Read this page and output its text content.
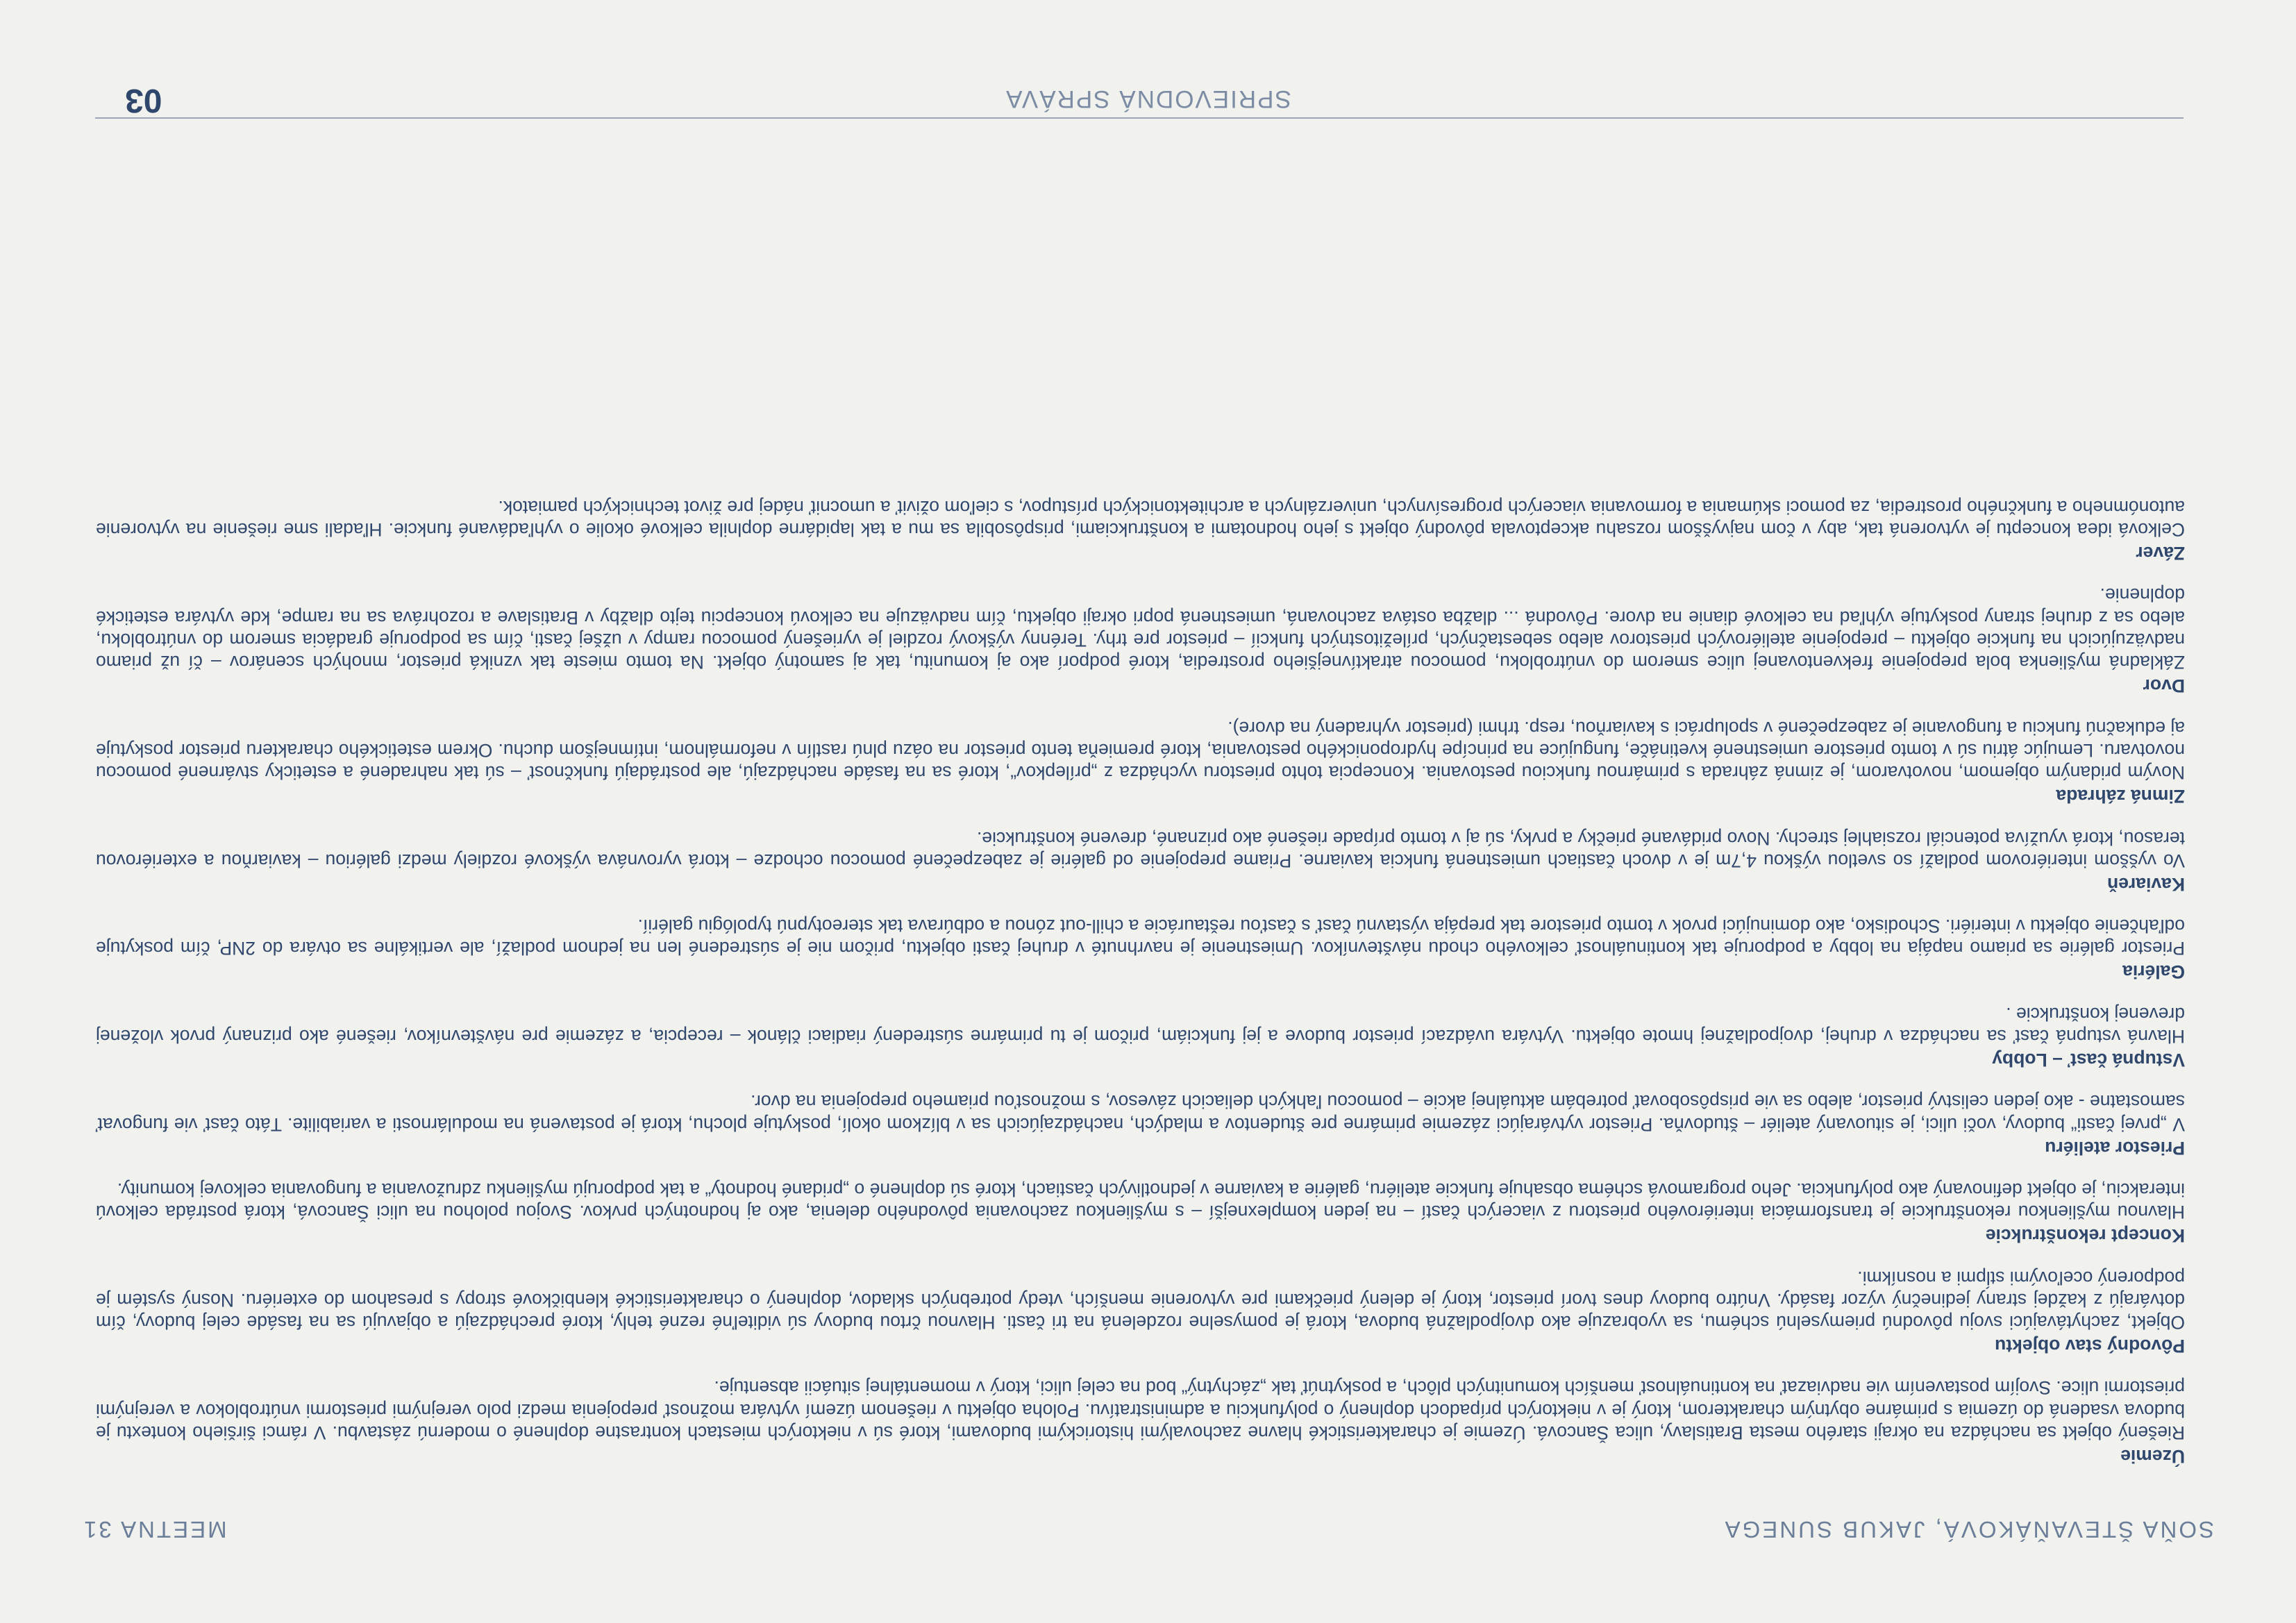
SOŇA ŠTEVAŇÁKOVÁ, JAKUB SUNEGA
MEETNA 31
Územie

Riešený objekt sa nachádza na okraji starého mesta Bratislavy, ulica Šancová. Územie je charakteristické hlavne zachovalými historickými budovami, ktoré sú v niektorých miestach kontrastne doplnené o modernú zástavbu. V rámci širšieho kontextu je budova vsadená do územia s primárne obytným charakterom, ktorý je v niektorých prípadoch doplnený o polyfunkciu a administratívu. Poloha objektu v riešenom území vytvára možnosť prepojenia medzi polo verejnými priestormi vnútroblokov a verejnými priestormi ulice. Svojím postavením vie nadviazať na kontinuálnosť menších komunitných plôch, a poskytnúť tak „záchytný“ bod na celej ulici, ktorý v momentálnej situácii absentuje.

Pôvodný stav objektu

Objekt, zachytávajúci svoju pôvodnú priemyselnú schému, sa vyobrazuje ako dvojpodlažná budova, ktorá je pomyselne rozdelená na tri časti. Hlavnou črtou budovy sú viditeľné rezné tehly, ktoré prechádzajú a objavujú sa na fasáde celej budovy, čím dotvárajú z každej strany jedinečný výzor fasády. Vnútro budovy dnes tvorí priestor, ktorý je delený priečkami pre vytvorenie menších, vtedy potrebných skladov, doplnený o charakteristické klenbičkové stropy s presahom do exteriéru. Nosný systém je podporený oceľovými stĺpmi a nosníkmi.

Koncept rekonštrukcie

Hlavnou myšlienkou rekonštrukcie je transformácia interiérového priestoru z viacerých častí – na jeden komplexnejší – s myšlienkou zachovania pôvodného delenia, ako aj hodnotných prvkov. Svojou polohou na ulici Šancová, ktorá postráda celkovú interakciu, je objekt definovaný ako polyfunkcia. Jeho programová schéma obsahuje funkcie ateliéru, galérie a kaviarne v jednotlivých častiach, ktoré sú doplnené o „pridané hodnoty“ a tak podporujú myšlienku združovania a fungovania celkovej komunity.

Priestor ateliéru

V „prvej časti“ budovy, voči ulici, je situovaný ateliér – študovňa. Priestor vytvárajúci zázemie primárne pre študentov a mladých, nachádzajúcich sa v blízkom okolí, poskytuje plochu, ktorá je postavená na modulárnosti a variabilite. Táto časť vie fungovať samostatne - ako jeden celistvý priestor, alebo sa vie prispôsobovať potrebám aktuálnej akcie – pomocou ľahkých deliacich závesov, s možnosťou priameho prepojenia na dvor.

Vstupná časť – Lobby

Hlavná vstupná časť sa nachádza v druhej, dvojpodlažnej hmote objektu. Vytvára uvádzací priestor budove a jej funkciám, pričom je tu primárne sústredený riadiaci článok – recepcia, a zázemie pre návštevníkov, riešené ako priznaný prvok vloženej drevenej konštrukcie .

Galéria

Priestor galérie sa priamo napája na lobby a podporuje tak kontinuálnosť celkového chodu návštevníkov. Umiestnenie je navrhnuté v druhej časti objektu, pričom nie je sústredené len na jednom podlaží, ale vertikálne sa otvára do 2NP, čím poskytuje odľahčenie objektu v interiéri. Schodisko, ako dominujúci prvok v tomto priestore tak prepája výstavnú časť s časťou reštaurácie a chill-out zónou a odbúrava tak stereotypnú typológiu galérií.

Kaviareň

Vo vyššom interiérovom podlaží so svetlou výškou 4,7m je v dvoch častiach umiestnená funkcia kaviarne. Priame prepojenie od galérie je zabezpečené pomocou ochodze – ktorá vyrovnáva výškové rozdiely medzi galériou – kaviarňou a exteriérovou terasou, ktorá využíva potenciál rozsiahlej strechy. Novo pridávané priečky a prvky, sú aj v tomto prípade riešené ako priznané, drevené konštrukcie.

Zimná záhrada

Novým pridaným objemom, novotvarom, je zimná záhrada s primárnou funkciou pestovania. Koncepcia tohto priestoru vychádza z „prílepkov“, ktoré sa na fasáde nachádzajú, ale postrádajú funkčnosť – sú tak nahradené a esteticky stvárnené pomocou novotvaru. Lemujúc átriu sú v tomto priestore umiestnené kvetináče, fungujúce na princípe hydroponického pestovania, ktoré premieňa tento priestor na oázu plnú rastlín v neformálnom, intímnejšom duchu. Okrem estetického charakteru priestor poskytuje aj edukačnú funkciu a fungovanie je zabezpečené v spolupráci s kaviarňou, resp. trhmi (priestor vyhradený na dvore).

Dvor

Základná myšlienka bola prepojenie frekventovanej ulice smerom do vnútrobloku, pomocou atraktívnejšieho prostredia, ktoré podporí ako aj komunitu, tak aj samotný objekt. Na tomto mieste tak vzniká priestor, mnohých scenárov – čí už priamo nadväzujúcich na funkcie objektu – prepojenie ateliérových priestorov alebo sebestačných, príležitostných funkcií – priestor pre trhy. Terénny výškový rozdiel je vyriešený pomocou rampy v užšej časti, čím sa podporuje gradácia smerom do vnútrobloku, alebo sa z druhej strany poskytuje výhľad na celkové dianie na dvore. Pôvodná ... dlažba ostáva zachovaná, umiestnená popri okraji objektu, čím nadväzuje na celkovú koncepciu tejto dlažby v Bratislave a rozohráva sa na rampe, kde vytvára estetické doplnenie.

Záver

Celková idea konceptu je vytvorená tak, aby v čom najvyššom rozsahu akceptovala pôvodný objekt s jeho hodnotami a konštrukciami, prispôsobila sa mu a tak lapidárne doplnila celkové okolie o vyhľadávané funkcie. Hľadali sme riešenie na vytvorenie autonómneho a funkčného prostredia, za pomoci skúmania a formovania viacerých progresívnych, univerzálnych a architektonických prístupov, s cieľom oživiť a umocniť nádej pre život technických pamiatok.

SPRIEVODNÁ SPRÁVA
03
